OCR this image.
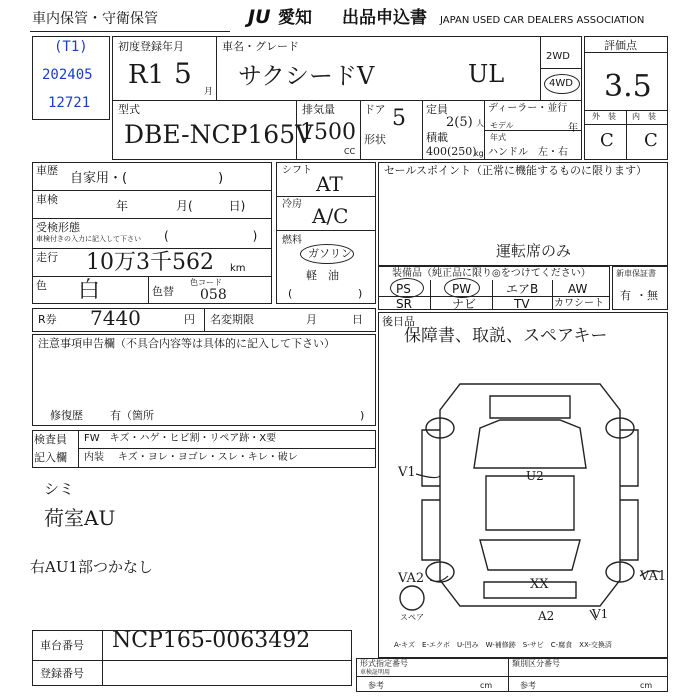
車内保管・守衛保管	JU 愛知 出品申込書 JAPAN USED CAR DEALERS ASSOCIATION
(T1)
202405
12721
初度登録年月
R1 5
月
車名・グレード
サクシードV	UL
2WD
4WD
型式
DBE-NCP165V
排気量
1500
CC
ドア 5
形状
定員
2(5) 人
積載
400(250)
kg
ディーラー・並行
モデル
年式
年
ハンドル　左・右
評価点
3.5
外　装 内　装
C C
車歴
自家用・(　　　　　　　)
車検	年　　　　月(　　　日)
受検形態
車検付きの入力に記入して下さい (　　　　　　　)
走行 10万3千562 km
色 白	色替
色コード
058
シフト
AT
冷房 A/C
燃料
ガソリン
軽　油
(	)
セールスポイント（正常に機能するものに限ります）
運転席のみ
装備品（純正品に限り◎をつけてください）
PS	PW	エアB AW
SR	ナビ	TV カワシート
新車保証書
有 ・無
R券 7440	円 名変期限	月	日
注意事項申告欄（不具合内容等は具体的に記入して下さい）
修復歴 有（箇所	)
検査員
記入欄
FW　キズ・ハゲ・ヒビ割・リペア跡・X要
内装 キズ・ヨレ・ヨゴレ・スレ・キレ・破レ
シミ
荷室AU
右AU1部つかなし
後日品
保障書、取説、スペアキー
V1	U2
VA2	VA1
XX
A2	V1
スペア
A-キズ　E-エクボ　U-凹み　W-補修跡　S-サビ　C-腐食　XX-交換済
車台番号 NCP165-0063492
登録番号
形式指定番号
車検証明用
類別区分番号
参考	cm	参考	cm
